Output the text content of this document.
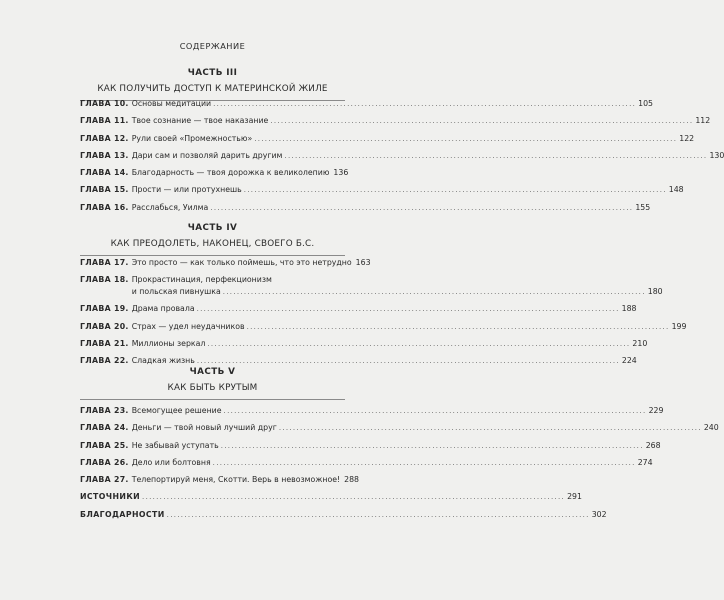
СОДЕРЖАНИЕ
ЧАСТЬ III
КАК ПОЛУЧИТЬ ДОСТУП К МАТЕРИНСКОЙ ЖИЛЕ
ГЛАВА 10. Основы медитации ........................................................................................................................ 105
ГЛАВА 11. Твое сознание — твое наказание ........................................................................................................................ 112
ГЛАВА 12. Рули своей «Промежностью» ........................................................................................................................ 122
ГЛАВА 13. Дари сам и позволяй дарить другим ........................................................................................................................ 130
ГЛАВА 14. Благодарность — твоя дорожка к великолепию 136
ГЛАВА 15. Прости — или протухнешь ........................................................................................................................ 148
ГЛАВА 16. Расслабься, Уилма ........................................................................................................................ 155
ЧАСТЬ IV
КАК ПРЕОДОЛЕТЬ, НАКОНЕЦ, СВОЕГО Б.С.
ГЛАВА 17. Это просто — как только поймешь, что это нетрудно 163
ГЛАВА 18. Прокрастинация, перфекционизм
и польская пивнушка ........................................................................................................................ 180
ГЛАВА 19. Драма провала ........................................................................................................................ 188
ГЛАВА 20. Страх — удел неудачников ........................................................................................................................ 199
ГЛАВА 21. Миллионы зеркал ........................................................................................................................ 210
ГЛАВА 22. Сладкая жизнь ........................................................................................................................ 224
ЧАСТЬ V
КАК БЫТЬ КРУТЫМ
ГЛАВА 23. Всемогущее решение ........................................................................................................................ 229
ГЛАВА 24. Деньги — твой новый лучший друг ........................................................................................................................ 240
ГЛАВА 25. Не забывай уступать ........................................................................................................................ 268
ГЛАВА 26. Дело или болтовня ........................................................................................................................ 274
ГЛАВА 27. Телепортируй меня, Скотти. Верь в невозможное! 288
ИСТОЧНИКИ ........................................................................................................................ 291
БЛАГОДАРНОСТИ ........................................................................................................................ 302
